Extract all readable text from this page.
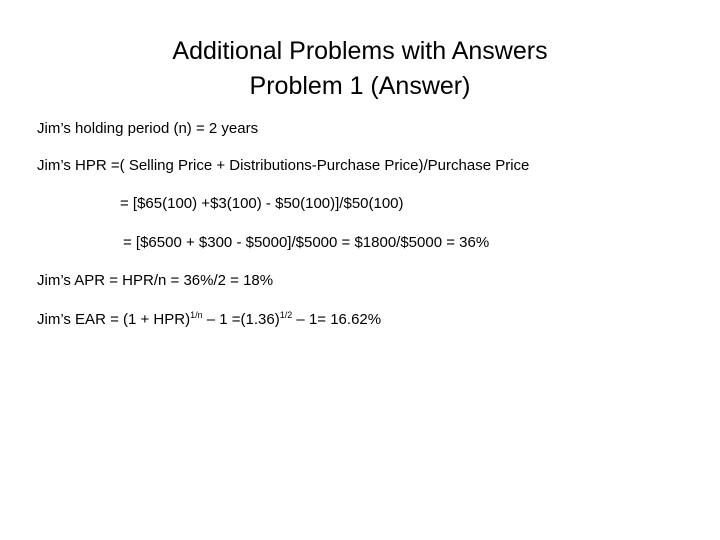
Additional Problems with Answers
Problem 1 (Answer)
Jim’s holding period (n) = 2 years
Jim’s HPR =( Selling Price + Distributions-Purchase Price)/Purchase Price
= [$65(100) +$3(100) - $50(100)]/$50(100)
= [$6500 + $300 - $5000]/$5000 = $1800/$5000 = 36%
Jim’s APR = HPR/n = 36%/2 = 18%
Jim’s EAR = $(1 + HPR)^{1/n} - 1 =(1.36)^{1/2} - 1= 16.62\%$
